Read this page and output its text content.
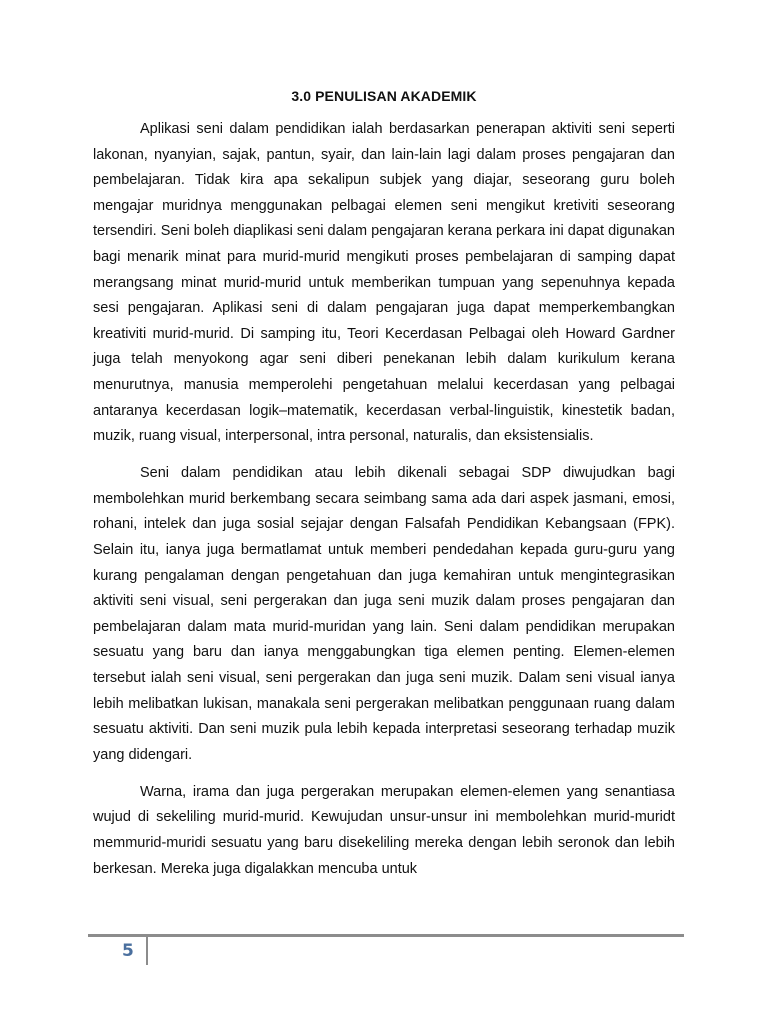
3.0 PENULISAN AKADEMIK

Aplikasi seni dalam pendidikan ialah berdasarkan penerapan aktiviti seni seperti lakonan, nyanyian, sajak, pantun, syair, dan lain-lain lagi dalam proses pengajaran dan pembelajaran. Tidak kira apa sekalipun subjek yang diajar, seseorang guru boleh mengajar muridnya menggunakan pelbagai elemen seni mengikut kretiviti seseorang tersendiri. Seni boleh diaplikasi seni dalam pengajaran kerana perkara ini dapat digunakan bagi menarik minat para murid-murid mengikuti proses pembelajaran di samping dapat merangsang minat murid-murid untuk memberikan tumpuan yang sepenuhnya kepada sesi pengajaran. Aplikasi seni di dalam pengajaran juga dapat memperkembangkan kreativiti murid-murid. Di samping itu, Teori Kecerdasan Pelbagai oleh Howard Gardner juga telah menyokong agar seni diberi penekanan lebih dalam kurikulum kerana menurutnya, manusia memperolehi pengetahuan melalui kecerdasan yang pelbagai antaranya kecerdasan logik–matematik, kecerdasan verbal-linguistik, kinestetik badan, muzik, ruang visual, interpersonal, intra personal, naturalis, dan eksistensialis.

Seni dalam pendidikan atau lebih dikenali sebagai SDP diwujudkan bagi membolehkan murid berkembang secara seimbang sama ada dari aspek jasmani, emosi, rohani, intelek dan juga sosial sejajar dengan Falsafah Pendidikan Kebangsaan (FPK). Selain itu, ianya juga bermatlamat untuk memberi pendedahan kepada guru-guru yang kurang pengalaman dengan pengetahuan dan juga kemahiran untuk mengintegrasikan aktiviti seni visual, seni pergerakan dan juga seni muzik dalam proses pengajaran dan pembelajaran dalam mata murid-muridan yang lain. Seni dalam pendidikan merupakan sesuatu yang baru dan ianya menggabungkan tiga elemen penting. Elemen-elemen tersebut ialah seni visual, seni pergerakan dan juga seni muzik. Dalam seni visual ianya lebih melibatkan lukisan, manakala seni pergerakan melibatkan penggunaan ruang dalam sesuatu aktiviti. Dan seni muzik pula lebih kepada interpretasi seseorang terhadap muzik yang didengari.

Warna, irama dan juga pergerakan merupakan elemen-elemen yang senantiasa wujud di sekeliling murid-murid. Kewujudan unsur-unsur ini membolehkan murid-muridt memmurid-muridi sesuatu yang baru disekeliling mereka dengan lebih seronok dan lebih berkesan. Mereka juga digalakkan mencuba untuk

5
